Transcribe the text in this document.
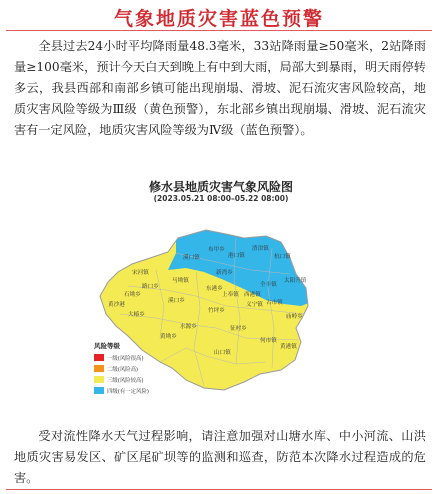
气象地质灾害蓝色预警

全县过去24小时平均降雨量48.3毫米，33站降雨量≥50毫米，2站降雨量≥100毫米，预计今天白天到晚上有中到大雨，局部大到暴雨，明天雨停转多云，我县西部和南部乡镇可能出现崩塌、滑坡、泥石流灾害风险较高，地质灾害风险等级为Ⅲ级（黄色预警），东北部乡镇出现崩塌、滑坡、泥石流灾害有一定风险，地质灾害风险等级为Ⅳ级（蓝色预警）。

溪口镇
布甲乡
港口镇
渣津镇
杭口镇
新湾乡
宋河镇
路口乡
马坳镇
全丰镇
东港乡
上奉镇 西港镇
义宁镇
太阳升镇
古市镇
黄沙港
大椿乡
竹坪乡
庙岭乡
黄坳乡
石坳乡
溪口乡
征村乡
何市镇
黄港镇
山口镇
水源乡
修水县地质灾害气象风险图
(2023.05.21 08:00–05.22 08:00)
风险等级
一级(风险很高)
二级(风险高)
三级(风险较高)
四级(有一定风险)

受对流性降水天气过程影响，请注意加强对山塘水库、中小河流、山洪地质灾害易发区、矿区尾矿坝等的监测和巡查，防范本次降水过程造成的危害。
